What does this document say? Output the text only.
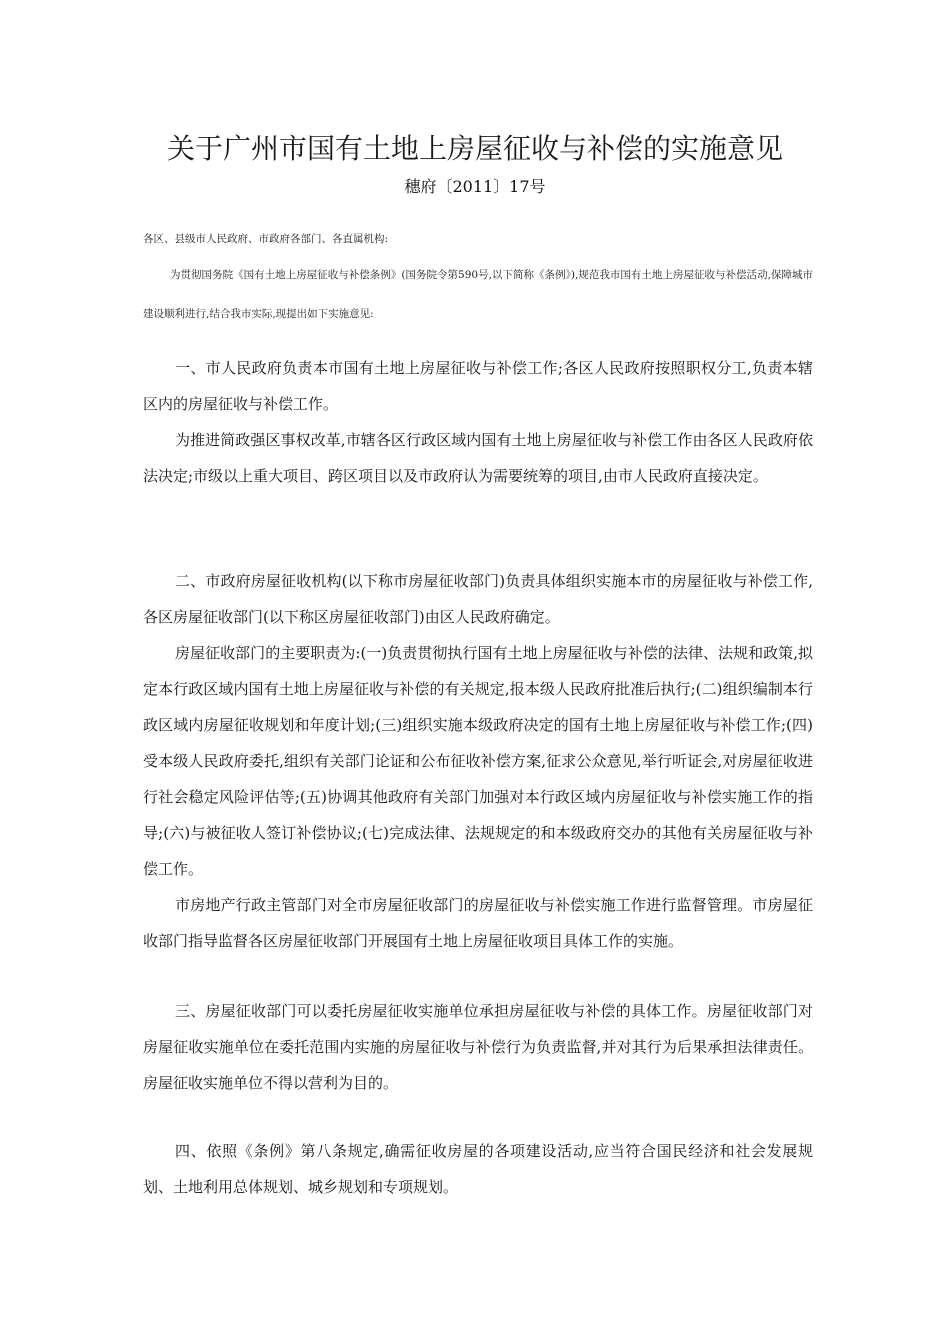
关于广州市国有土地上房屋征收与补偿的实施意见
穗府〔2011〕17号
各区、县级市人民政府、市政府各部门、各直属机构:
为贯彻国务院《国有土地上房屋征收与补偿条例》(国务院令第590号,以下简称《条例》),规范我市国有土地上房屋征收与补偿活动,保障城市建设顺利进行,结合我市实际,现提出如下实施意见:

一、市人民政府负责本市国有土地上房屋征收与补偿工作;各区人民政府按照职权分工,负责本辖区内的房屋征收与补偿工作。

为推进简政强区事权改革,市辖各区行政区域内国有土地上房屋征收与补偿工作由各区人民政府依法决定;市级以上重大项目、跨区项目以及市政府认为需要统筹的项目,由市人民政府直接决定。

二、市政府房屋征收机构(以下称市房屋征收部门)负责具体组织实施本市的房屋征收与补偿工作,各区房屋征收部门(以下称区房屋征收部门)由区人民政府确定。

房屋征收部门的主要职责为:(一)负责贯彻执行国有土地上房屋征收与补偿的法律、法规和政策,拟定本行政区域内国有土地上房屋征收与补偿的有关规定,报本级人民政府批准后执行;(二)组织编制本行政区域内房屋征收规划和年度计划;(三)组织实施本级政府决定的国有土地上房屋征收与补偿工作;(四)受本级人民政府委托,组织有关部门论证和公布征收补偿方案,征求公众意见,举行听证会,对房屋征收进行社会稳定风险评估等;(五)协调其他政府有关部门加强对本行政区域内房屋征收与补偿实施工作的指导;(六)与被征收人签订补偿协议;(七)完成法律、法规规定的和本级政府交办的其他有关房屋征收与补偿工作。

市房地产行政主管部门对全市房屋征收部门的房屋征收与补偿实施工作进行监督管理。市房屋征收部门指导监督各区房屋征收部门开展国有土地上房屋征收项目具体工作的实施。

三、房屋征收部门可以委托房屋征收实施单位承担房屋征收与补偿的具体工作。房屋征收部门对房屋征收实施单位在委托范围内实施的房屋征收与补偿行为负责监督,并对其行为后果承担法律责任。房屋征收实施单位不得以营利为目的。

四、依照《条例》第八条规定,确需征收房屋的各项建设活动,应当符合国民经济和社会发展规划、土地利用总体规划、城乡规划和专项规划。
